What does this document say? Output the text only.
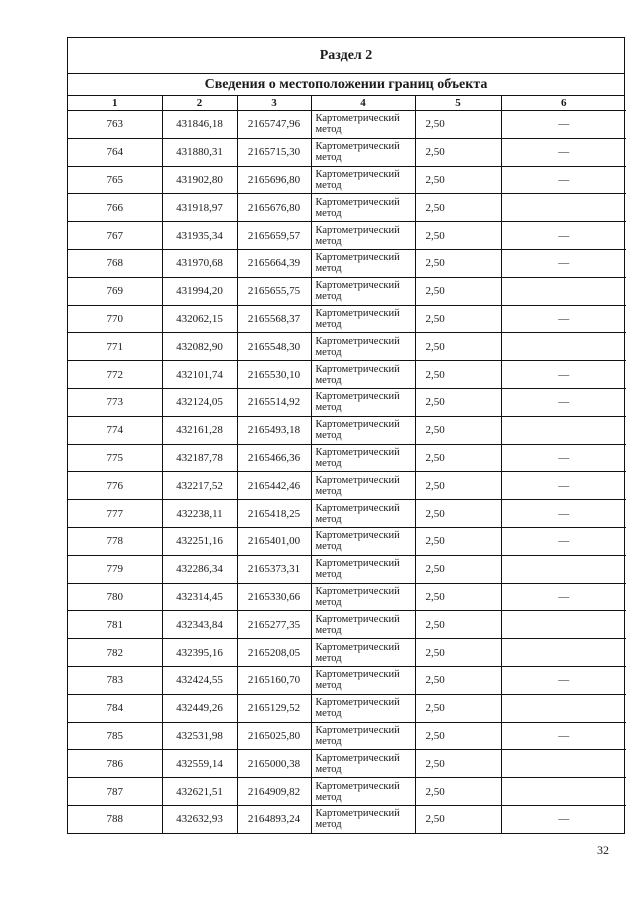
Раздел 2
Сведения о местоположении границ объекта
1	2	3	4	5	6
763	431846,18	2165747,96	Картометрический метод	2,50	—
764	431880,31	2165715,30	Картометрический метод	2,50	—
765	431902,80	2165696,80	Картометрический метод	2,50	—
766	431918,97	2165676,80	Картометрический метод	2,50	
767	431935,34	2165659,57	Картометрический метод	2,50	—
768	431970,68	2165664,39	Картометрический метод	2,50	—
769	431994,20	2165655,75	Картометрический метод	2,50	
770	432062,15	2165568,37	Картометрический метод	2,50	—
771	432082,90	2165548,30	Картометрический метод	2,50	
772	432101,74	2165530,10	Картометрический метод	2,50	—
773	432124,05	2165514,92	Картометрический метод	2,50	—
774	432161,28	2165493,18	Картометрический метод	2,50	
775	432187,78	2165466,36	Картометрический метод	2,50	—
776	432217,52	2165442,46	Картометрический метод	2,50	—
777	432238,11	2165418,25	Картометрический метод	2,50	—
778	432251,16	2165401,00	Картометрический метод	2,50	—
779	432286,34	2165373,31	Картометрический метод	2,50	
780	432314,45	2165330,66	Картометрический метод	2,50	—
781	432343,84	2165277,35	Картометрический метод	2,50	
782	432395,16	2165208,05	Картометрический метод	2,50	
783	432424,55	2165160,70	Картометрический метод	2,50	—
784	432449,26	2165129,52	Картометрический метод	2,50	
785	432531,98	2165025,80	Картометрический метод	2,50	—
786	432559,14	2165000,38	Картометрический метод	2,50	
787	432621,51	2164909,82	Картометрический метод	2,50	
788	432632,93	2164893,24	Картометрический метод	2,50	—
32
